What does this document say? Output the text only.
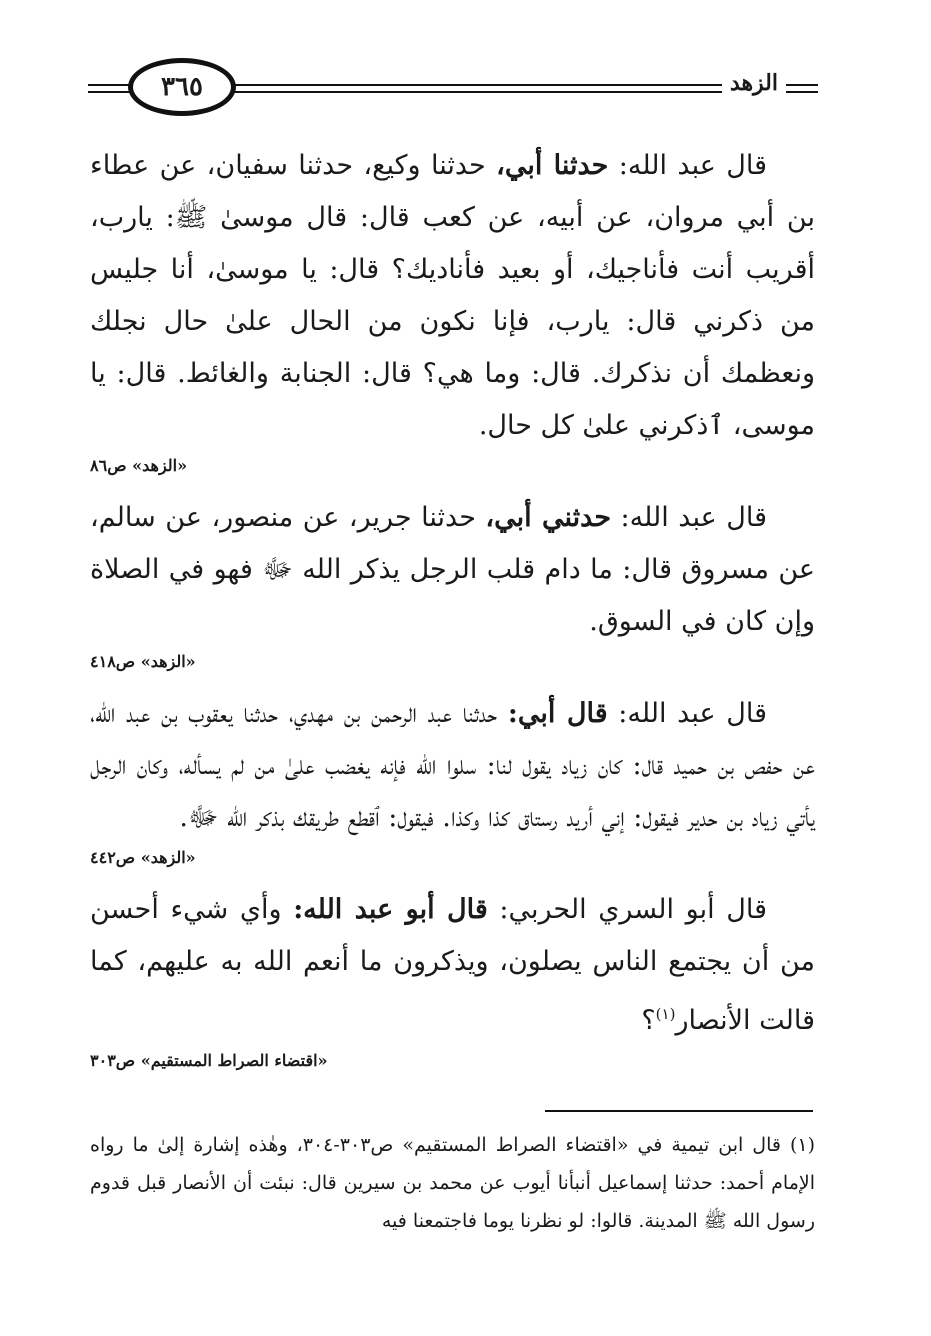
٣٦٥	الزهد

قال عبد الله: حدثنا أبي، حدثنا وكيع، حدثنا سفيان، عن عطاء بن أبي مروان، عن أبيه، عن كعب قال: قال موسىٰ ﷺ: يارب، أقريب أنت فأناجيك، أو بعيد فأناديك؟ قال: يا موسىٰ، أنا جليس من ذكرني قال: يارب، فإنا نكون من الحال علىٰ حال نجلك ونعظمك أن نذكرك. قال: وما هي؟ قال: الجنابة والغائط. قال: يا موسى، ٱذكرني علىٰ كل حال.

«الزهد» ص٨٦

قال عبد الله: حدثني أبي، حدثنا جرير، عن منصور، عن سالم، عن مسروق قال: ما دام قلب الرجل يذكر الله ﷻ فهو في الصلاة وإن كان في السوق.

«الزهد» ص٤١٨

قال عبد الله: قال أبي: حدثنا عبد الرحمن بن مهدي، حدثنا يعقوب بن عبد الله، عن حفص بن حميد قال: كان زياد يقول لنا: سلوا الله فإنه يغضب علىٰ من لم يسأله، وكان الرجل يأتي زياد بن حدير فيقول: إني أريد رستاق كذا وكذا. فيقول: ٱقطع طريقك بذكر الله ﷻ.

«الزهد» ص٤٤٢

قال أبو السري الحربي: قال أبو عبد الله: وأي شيء أحسن من أن يجتمع الناس يصلون، ويذكرون ما أنعم الله به عليهم، كما قالت الأنصار$^{(١)}$؟

«اقتضاء الصراط المستقيم» ص٣٠٣

(١) قال ابن تيمية في «اقتضاء الصراط المستقيم» ص٣٠٣-٣٠٤، وهٰذه إشارة إلىٰ ما رواه الإمام أحمد: حدثنا إسماعيل أنبأنا أيوب عن محمد بن سيرين قال: نبئت أن الأنصار قبل قدوم رسول الله ﷺ المدينة. قالوا: لو نظرنا يوما فاجتمعنا فيه
